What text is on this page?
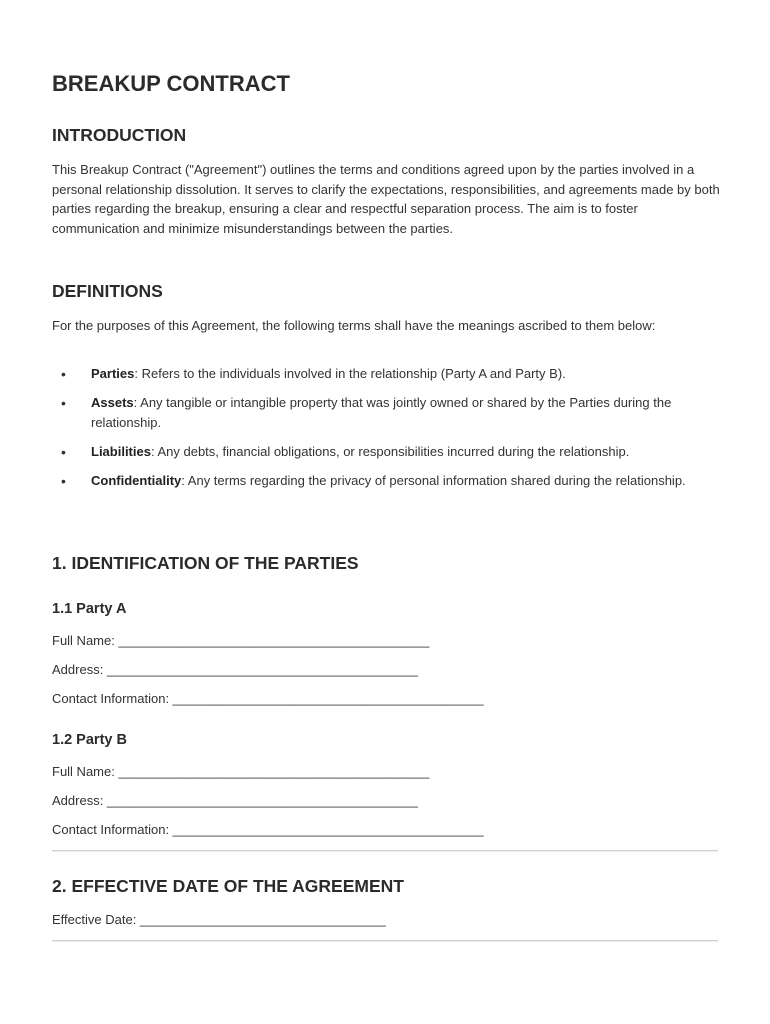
BREAKUP CONTRACT
INTRODUCTION

This Breakup Contract ("Agreement") outlines the terms and conditions agreed upon by the parties involved in a personal relationship dissolution. It serves to clarify the expectations, responsibilities, and agreements made by both parties regarding the breakup, ensuring a clear and respectful separation process. The aim is to foster communication and minimize misunderstandings between the parties.

DEFINITIONS

For the purposes of this Agreement, the following terms shall have the meanings ascribed to them below:

• Parties: Refers to the individuals involved in the relationship (Party A and Party B).
• Assets: Any tangible or intangible property that was jointly owned or shared by the Parties during the relationship.
• Liabilities: Any debts, financial obligations, or responsibilities incurred during the relationship.
• Confidentiality: Any terms regarding the privacy of personal information shared during the relationship.
1. IDENTIFICATION OF THE PARTIES
1.1 Party A
Full Name: ___________________________________________
Address: ___________________________________________
Contact Information: ___________________________________________
1.2 Party B
Full Name: ___________________________________________
Address: ___________________________________________
Contact Information: ___________________________________________
2. EFFECTIVE DATE OF THE AGREEMENT
Effective Date: __________________________________
